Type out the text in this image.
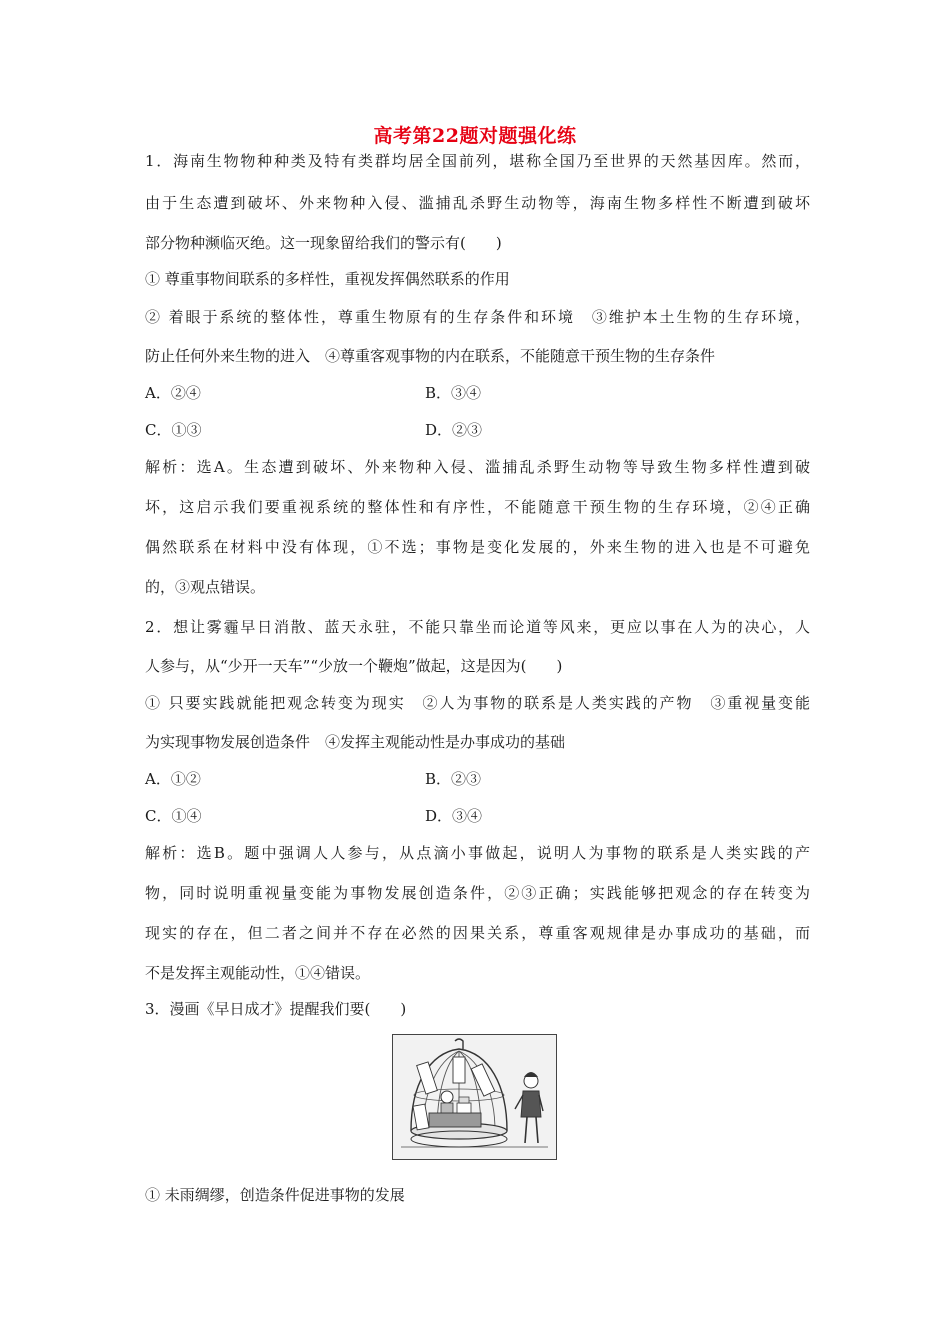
高考第22题对题强化练
1．海南生物物种种类及特有类群均居全国前列，堪称全国乃至世界的天然基因库。然而，
由于生态遭到破坏、外来物种入侵、滥捕乱杀野生动物等，海南生物多样性不断遭到破坏
部分物种濒临灭绝。这一现象留给我们的警示有(　　)
① 尊重事物间联系的多样性，重视发挥偶然联系的作用
② 着眼于系统的整体性，尊重生物原有的生存条件和环境　③维护本土生物的生存环境，
防止任何外来生物的进入　④尊重客观事物的内在联系，不能随意干预生物的生存条件
A．②④	B．③④
C．①③	D．②③
解析：选A。生态遭到破坏、外来物种入侵、滥捕乱杀野生动物等导致生物多样性遭到破
坏，这启示我们要重视系统的整体性和有序性，不能随意干预生物的生存环境，②④正确
偶然联系在材料中没有体现，①不选；事物是变化发展的，外来生物的进入也是不可避免
的，③观点错误。
2．想让雾霾早日消散、蓝天永驻，不能只靠坐而论道等风来，更应以事在人为的决心，人
人参与，从“少开一天车”“少放一个鞭炮”做起，这是因为(　　)
① 只要实践就能把观念转变为现实　②人为事物的联系是人类实践的产物　③重视量变能
为实现事物发展创造条件　④发挥主观能动性是办事成功的基础
A．①②	B．②③
C．①④	D．③④
解析：选B。题中强调人人参与，从点滴小事做起，说明人为事物的联系是人类实践的产
物，同时说明重视量变能为事物发展创造条件，②③正确；实践能够把观念的存在转变为
现实的存在，但二者之间并不存在必然的因果关系，尊重客观规律是办事成功的基础，而
不是发挥主观能动性，①④错误。
3．漫画《早日成才》提醒我们要(　　)
① 未雨绸缪，创造条件促进事物的发展
